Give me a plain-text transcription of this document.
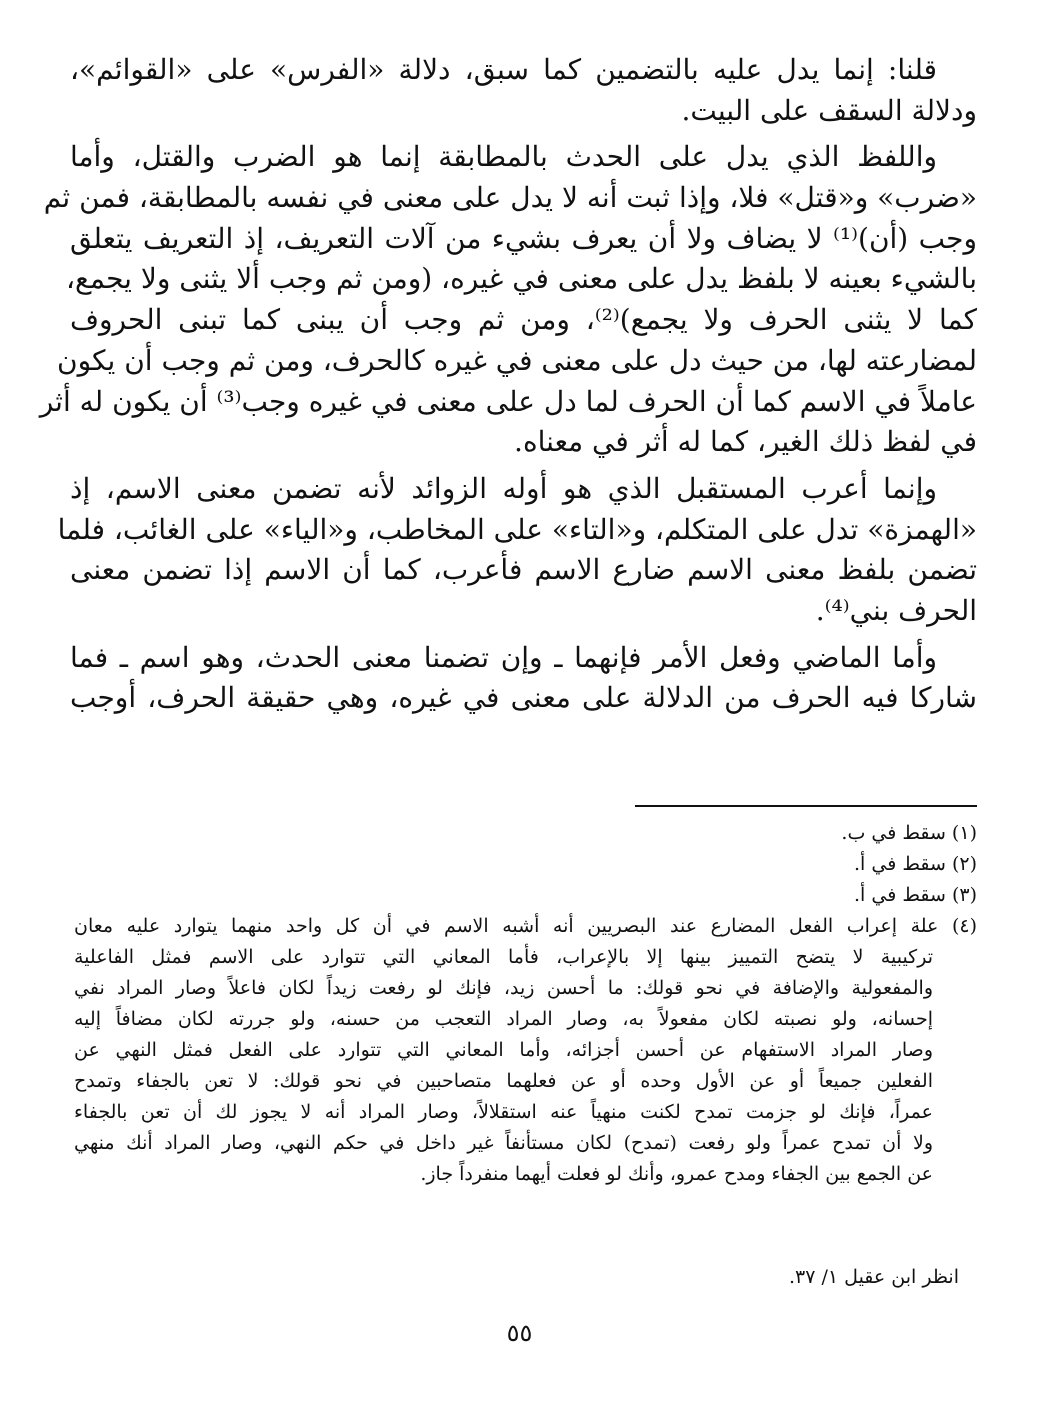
قلنا: إنما يدل عليه بالتضمين كما سبق، دلالة «الفرس» على «القوائم»،
ودلالة السقف على البيت.
واللفظ الذي يدل على الحدث بالمطابقة إنما هو الضرب والقتل، وأما
«ضرب» و«قتل» فلا، وإذا ثبت أنه لا يدل على معنى في نفسه بالمطابقة، فمن ثم
وجب (أن)⁽¹⁾ لا يضاف ولا أن يعرف بشيء من آلات التعريف، إذ التعريف يتعلق
بالشيء بعينه لا بلفظ يدل على معنى في غيره، (ومن ثم وجب ألا يثنى ولا يجمع،
كما لا يثنى الحرف ولا يجمع)⁽²⁾، ومن ثم وجب أن يبنى كما تبنى الحروف
لمضارعته لها، من حيث دل على معنى في غيره كالحرف، ومن ثم وجب أن يكون
عاملاً في الاسم كما أن الحرف لما دل على معنى في غيره وجب⁽³⁾ أن يكون له أثر
في لفظ ذلك الغير، كما له أثر في معناه.
وإنما أعرب المستقبل الذي هو أوله الزوائد لأنه تضمن معنى الاسم، إذ
«الهمزة» تدل على المتكلم، و«التاء» على المخاطب، و«الياء» على الغائب، فلما
تضمن بلفظ معنى الاسم ضارع الاسم فأعرب، كما أن الاسم إذا تضمن معنى
الحرف بني⁽⁴⁾.
وأما الماضي وفعل الأمر فإنهما ـ وإن تضمنا معنى الحدث، وهو اسم ـ فما
شاركا فيه الحرف من الدلالة على معنى في غيره، وهي حقيقة الحرف، أوجب
(١) سقط في ب.
(٢) سقط في أ.
(٣) سقط في أ.
(٤) علة إعراب الفعل المضارع عند البصريين أنه أشبه الاسم في أن كل واحد منهما يتوارد عليه معان
تركيبية لا يتضح التمييز بينها إلا بالإعراب، فأما المعاني التي تتوارد على الاسم فمثل الفاعلية
والمفعولية والإضافة في نحو قولك: ما أحسن زيد، فإنك لو رفعت زيداً لكان فاعلاً وصار المراد نفي
إحسانه، ولو نصبته لكان مفعولاً به، وصار المراد التعجب من حسنه، ولو جررته لكان مضافاً إليه
وصار المراد الاستفهام عن أحسن أجزائه، وأما المعاني التي تتوارد على الفعل فمثل النهي عن
الفعلين جميعاً أو عن الأول وحده أو عن فعلهما متصاحبين في نحو قولك: لا تعن بالجفاء وتمدح
عمراً، فإنك لو جزمت تمدح لكنت منهياً عنه استقلالاً، وصار المراد أنه لا يجوز لك أن تعن بالجفاء
ولا أن تمدح عمراً ولو رفعت (تمدح) لكان مستأنفاً غير داخل في حكم النهي، وصار المراد أنك منهي
عن الجمع بين الجفاء ومدح عمرو، وأنك لو فعلت أيهما منفرداً جاز.
انظر ابن عقيل ١/ ٣٧.
٥٥
